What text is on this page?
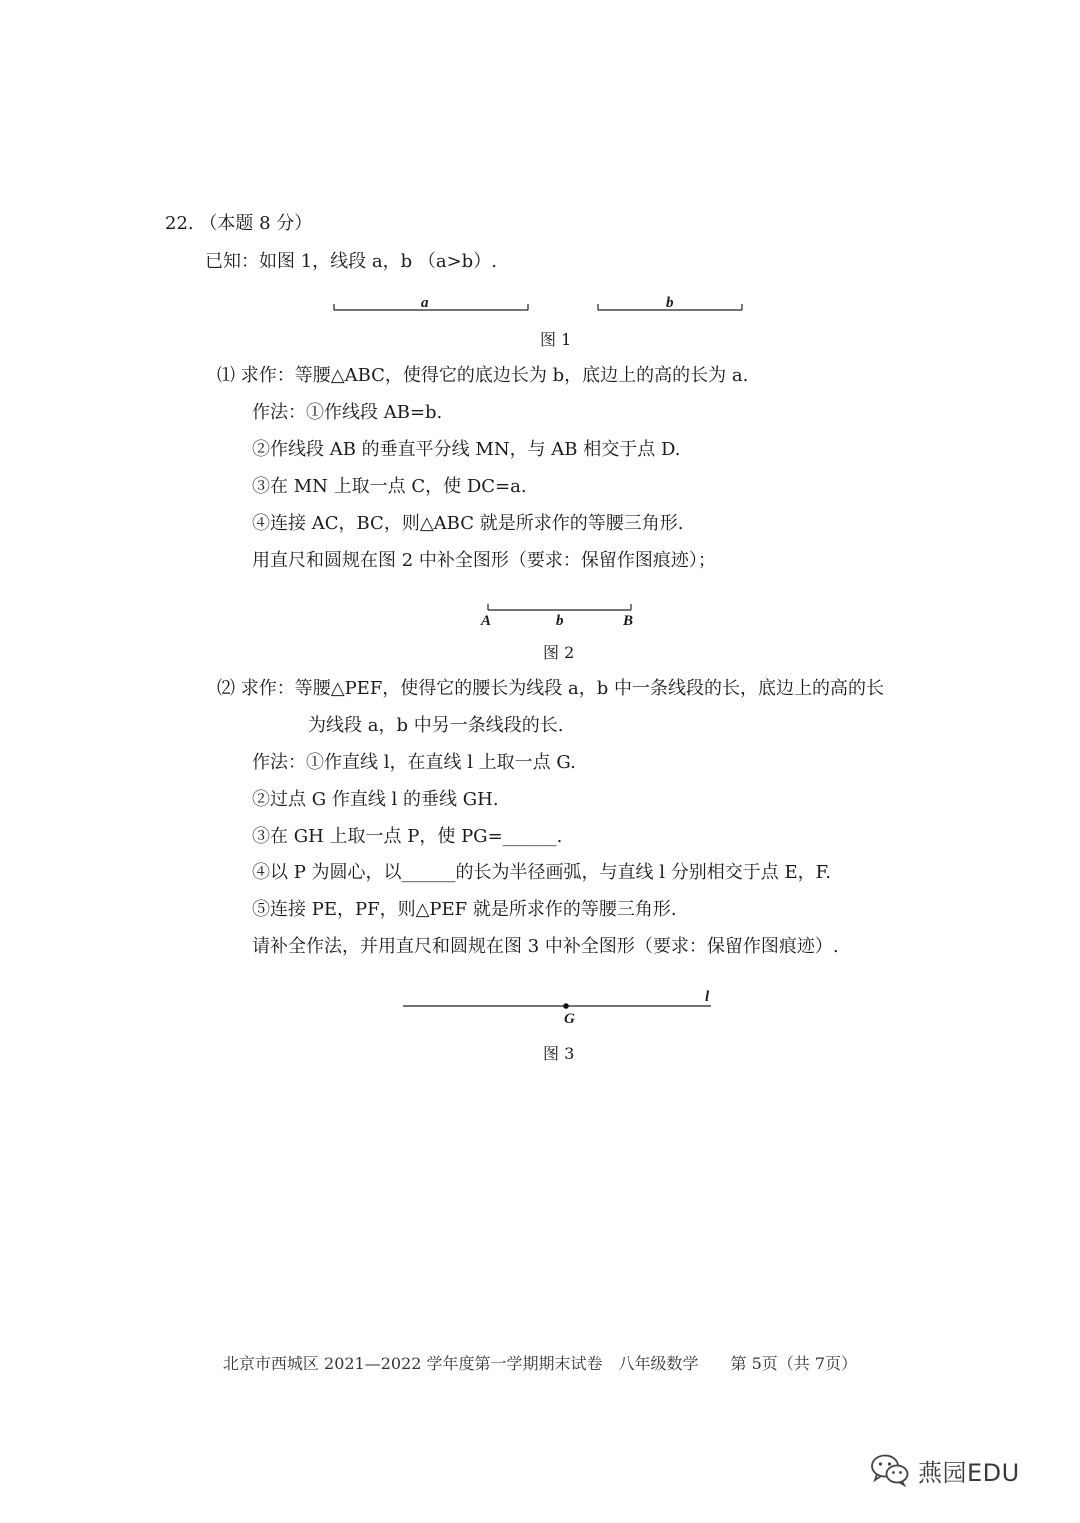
22. （本题 8 分）
已知：如图 1，线段 a，b （a>b）.
a	b
图 1
⑴ 求作：等腰△ABC，使得它的底边长为 b，底边上的高的长为 a.
作法：①作线段 AB=b.
②作线段 AB 的垂直平分线 MN，与 AB 相交于点 D.
③在 MN 上取一点 C，使 DC=a.
④连接 AC，BC，则△ABC 就是所求作的等腰三角形.
用直尺和圆规在图 2 中补全图形（要求：保留作图痕迹）；
A	b	B
图 2
⑵ 求作：等腰△PEF，使得它的腰长为线段 a，b 中一条线段的长，底边上的高的长
为线段 a，b 中另一条线段的长.
作法：①作直线 l，在直线 l 上取一点 G.
②过点 G 作直线 l 的垂线 GH.
③在 GH 上取一点 P，使 PG=______.
④以 P 为圆心，以______的长为半径画弧，与直线 l 分别相交于点 E，F.
⑤连接 PE，PF，则△PEF 就是所求作的等腰三角形.
请补全作法，并用直尺和圆规在图 3 中补全图形（要求：保留作图痕迹）.
l
G
图 3
北京市西城区 2021—2022 学年度第一学期期末试卷　八年级数学　　第 5页（共 7页）
燕园EDU
